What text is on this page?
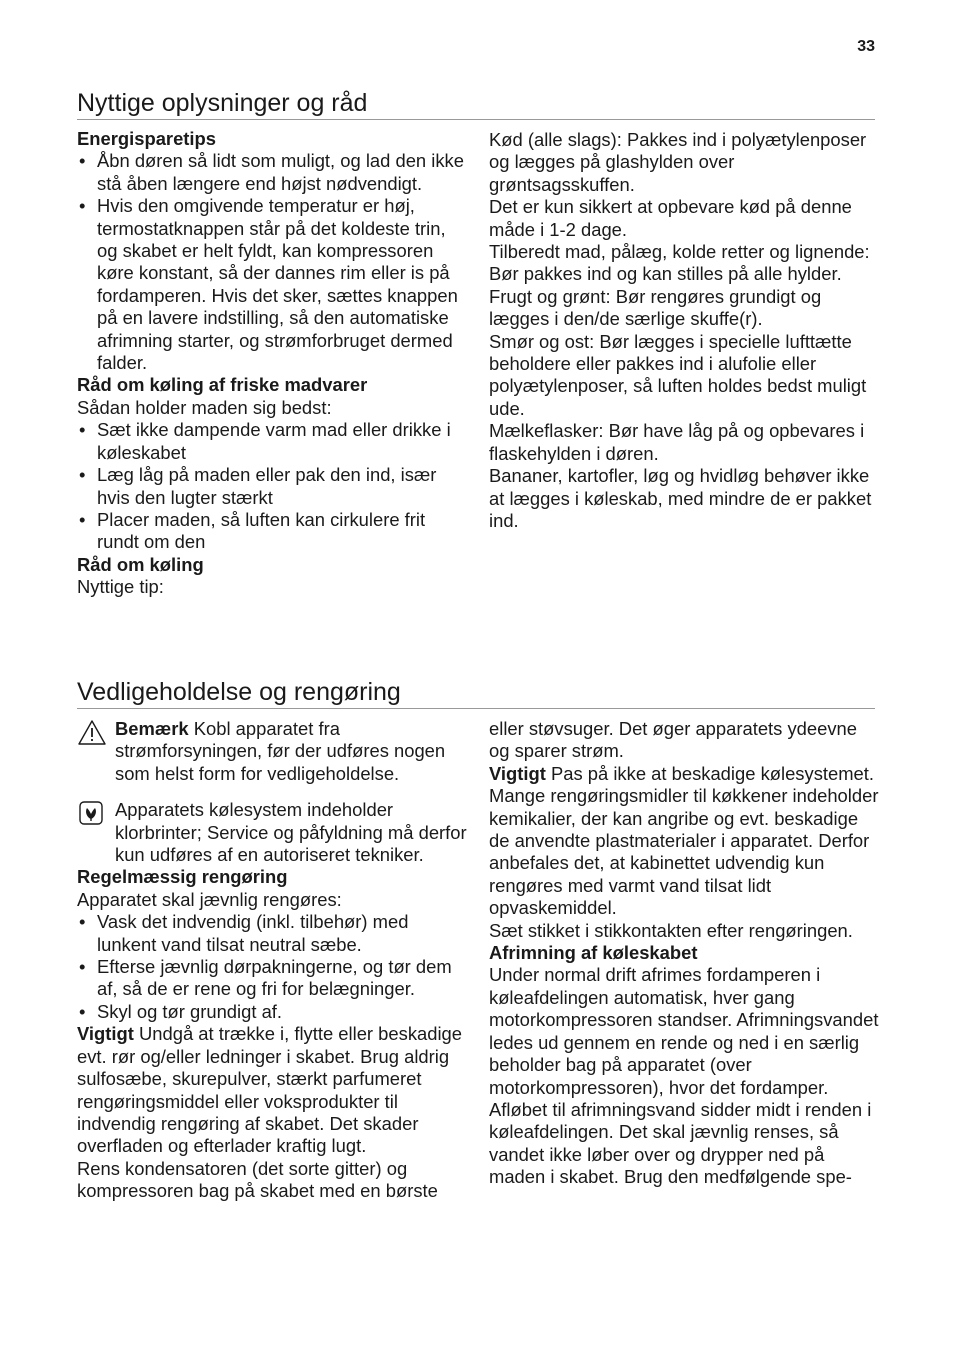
33
Nyttige oplysninger og råd

Energisparetips

• Åbn døren så lidt som muligt, og lad den ikke stå åben længere end højst nødvendigt.
• Hvis den omgivende temperatur er høj, termostatknappen står på det koldeste trin, og skabet er helt fyldt, kan kompressoren køre konstant, så der dannes rim eller is på fordamperen. Hvis det sker, sættes knappen på en lavere indstilling, så den automatiske afrimning starter, og strømforbruget dermed falder.

Råd om køling af friske madvarer

Sådan holder maden sig bedst:

• Sæt ikke dampende varm mad eller drikke i køleskabet
• Læg låg på maden eller pak den ind, især hvis den lugter stærkt
• Placer maden, så luften kan cirkulere frit rundt om den

Råd om køling

Nyttige tip:

Kød (alle slags): Pakkes ind i polyætylenposer og lægges på glashylden over grøntsagsskuffen.

Det er kun sikkert at opbevare kød på denne måde i 1-2 dage.

Tilberedt mad, pålæg, kolde retter og lignende: Bør pakkes ind og kan stilles på alle hylder.

Frugt og grønt: Bør rengøres grundigt og lægges i den/de særlige skuffe(r).

Smør og ost: Bør lægges i specielle lufttætte beholdere eller pakkes ind i alufolie eller polyætylenposer, så luften holdes bedst muligt ude.

Mælkeflasker: Bør have låg på og opbevares i flaskehylden i døren.

Bananer, kartofler, løg og hvidløg behøver ikke at lægges i køleskab, med mindre de er pakket ind.

Vedligeholdelse og rengøring

Bemærk Kobl apparatet fra strømforsyningen, før der udføres nogen som helst form for vedligeholdelse.

Apparatets kølesystem indeholder klorbrinter; Service og påfyldning må derfor kun udføres af en autoriseret tekniker.

Regelmæssig rengøring

Apparatet skal jævnlig rengøres:

• Vask det indvendig (inkl. tilbehør) med lunkent vand tilsat neutral sæbe.
• Efterse jævnlig dørpakningerne, og tør dem af, så de er rene og fri for belægninger.
• Skyl og tør grundigt af.

Vigtigt Undgå at trække i, flytte eller beskadige evt. rør og/eller ledninger i skabet. Brug aldrig sulfosæbe, skurepulver, stærkt parfumeret rengøringsmiddel eller voksprodukter til indvendig rengøring af skabet. Det skader overfladen og efterlader kraftig lugt.

Rens kondensatoren (det sorte gitter) og kompressoren bag på skabet med en børste

eller støvsuger. Det øger apparatets ydeevne og sparer strøm.

Vigtigt Pas på ikke at beskadige kølesystemet.

Mange rengøringsmidler til køkkener indeholder kemikalier, der kan angribe og evt. beskadige de anvendte plastmaterialer i apparatet. Derfor anbefales det, at kabinettet udvendig kun rengøres med varmt vand tilsat lidt opvaskemiddel.

Sæt stikket i stikkontakten efter rengøringen.

Afrimning af køleskabet

Under normal drift afrimes fordamperen i køleafdelingen automatisk, hver gang motorkompressoren standser. Afrimningsvandet ledes ud gennem en rende og ned i en særlig beholder bag på apparatet (over motorkompressoren), hvor det fordamper.

Afløbet til afrimningsvand sidder midt i renden i køleafdelingen. Det skal jævnlig renses, så vandet ikke løber over og drypper ned på maden i skabet. Brug den medfølgende spe-
